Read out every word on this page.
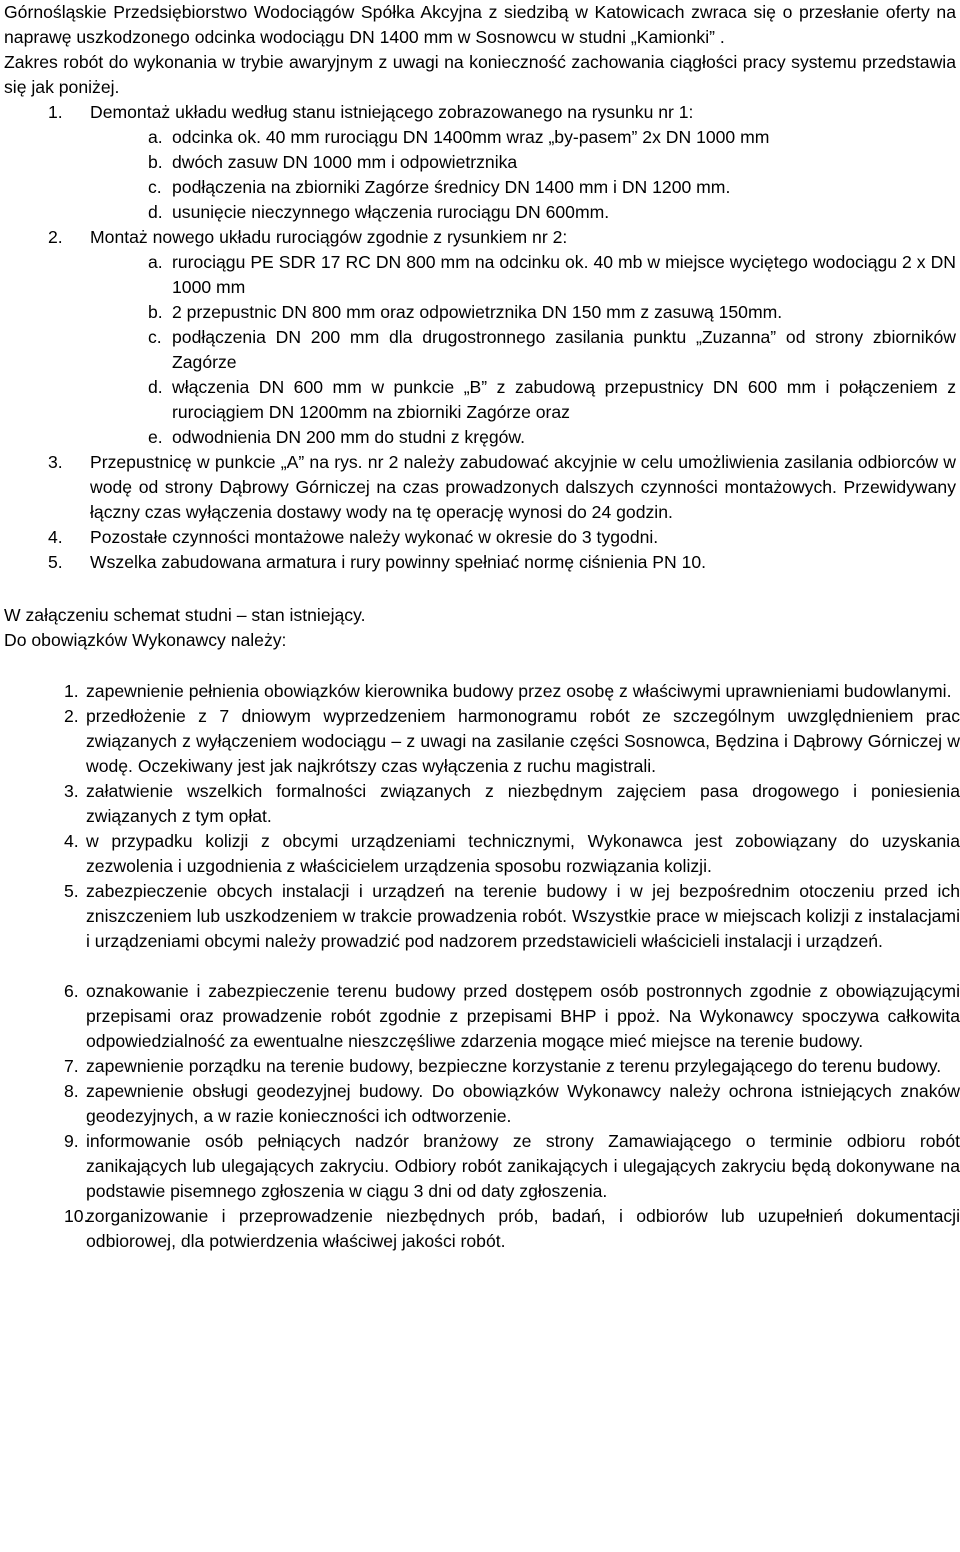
Górnośląskie Przedsiębiorstwo Wodociągów Spółka Akcyjna z siedzibą w Katowicach zwraca się o przesłanie oferty na naprawę uszkodzonego odcinka wodociągu DN 1400 mm w Sosnowcu w studni „Kamionki” .

Zakres robót do wykonania w trybie awaryjnym z uwagi na konieczność zachowania ciągłości pracy systemu przedstawia się jak poniżej.

1. Demontaż układu według stanu istniejącego zobrazowanego na rysunku nr 1:
a. odcinka ok. 40 mm rurociągu DN 1400mm wraz „by-pasem” 2x DN 1000 mm
b. dwóch zasuw DN 1000 mm i odpowietrznika
c. podłączenia na zbiorniki Zagórze średnicy DN 1400 mm i DN 1200 mm.
d. usunięcie nieczynnego włączenia rurociągu DN 600mm.
2. Montaż nowego układu rurociągów zgodnie z rysunkiem nr 2:
a. rurociągu PE SDR 17 RC DN 800 mm na odcinku ok. 40 mb w miejsce wyciętego wodociągu 2 x DN 1000 mm
b. 2 przepustnic DN 800 mm oraz odpowietrznika DN 150 mm z zasuwą 150mm.
c. podłączenia DN 200 mm dla drugostronnego zasilania punktu „Zuzanna” od strony zbiorników Zagórze
d. włączenia DN 600 mm w punkcie „B” z zabudową przepustnicy DN 600 mm i połączeniem z rurociągiem DN 1200mm na zbiorniki Zagórze oraz
e. odwodnienia DN 200 mm do studni z kręgów.
3. Przepustnicę w punkcie „A” na rys. nr 2 należy zabudować akcyjnie w celu umożliwienia zasilania odbiorców w wodę od strony Dąbrowy Górniczej na czas prowadzonych dalszych czynności montażowych. Przewidywany łączny czas wyłączenia dostawy wody na tę operację wynosi do 24 godzin.

4. Pozostałe czynności montażowe należy wykonać w okresie do 3 tygodni.
5. Wszelka zabudowana armatura i rury powinny spełniać normę ciśnienia PN 10.

W załączeniu schemat studni – stan istniejący.

Do obowiązków Wykonawcy należy:

1. zapewnienie pełnienia obowiązków kierownika budowy przez osobę z właściwymi uprawnieniami budowlanymi.

2. przedłożenie z 7 dniowym wyprzedzeniem harmonogramu robót ze szczególnym uwzględnieniem prac związanych z wyłączeniem wodociągu – z uwagi na zasilanie części Sosnowca, Będzina i Dąbrowy Górniczej w wodę. Oczekiwany jest jak najkrótszy czas wyłączenia z ruchu magistrali.

3. załatwienie wszelkich formalności związanych z niezbędnym zajęciem pasa drogowego i poniesienia związanych z tym opłat.

4. w przypadku kolizji z obcymi urządzeniami technicznymi, Wykonawca jest zobowiązany do uzyskania zezwolenia i uzgodnienia z właścicielem urządzenia sposobu rozwiązania kolizji.

5. zabezpieczenie obcych instalacji i urządzeń na terenie budowy i w jej bezpośrednim otoczeniu przed ich zniszczeniem lub uszkodzeniem w trakcie prowadzenia robót. Wszystkie prace w miejscach kolizji z instalacjami i urządzeniami obcymi należy prowadzić pod nadzorem przedstawicieli właścicieli instalacji i urządzeń.

6. oznakowanie i zabezpieczenie terenu budowy przed dostępem osób postronnych zgodnie z obowiązującymi przepisami oraz prowadzenie robót zgodnie z przepisami BHP i ppoż. Na Wykonawcy spoczywa całkowita odpowiedzialność za ewentualne nieszczęśliwe zdarzenia mogące mieć miejsce na terenie budowy.

7. zapewnienie porządku na terenie budowy, bezpieczne korzystanie z terenu przylegającego do terenu budowy.

8. zapewnienie obsługi geodezyjnej budowy. Do obowiązków Wykonawcy należy ochrona istniejących znaków geodezyjnych, a w razie konieczności ich odtworzenie.

9. informowanie osób pełniących nadzór branżowy ze strony Zamawiającego o terminie odbioru robót zanikających lub ulegających zakryciu. Odbiory robót zanikających i ulegających zakryciu będą dokonywane na podstawie pisemnego zgłoszenia w ciągu 3 dni od daty zgłoszenia.

10.

zorganizowanie i przeprowadzenie niezbędnych prób, badań, i odbiorów lub uzupełnień dokumentacji odbiorowej, dla potwierdzenia właściwej jakości robót.
